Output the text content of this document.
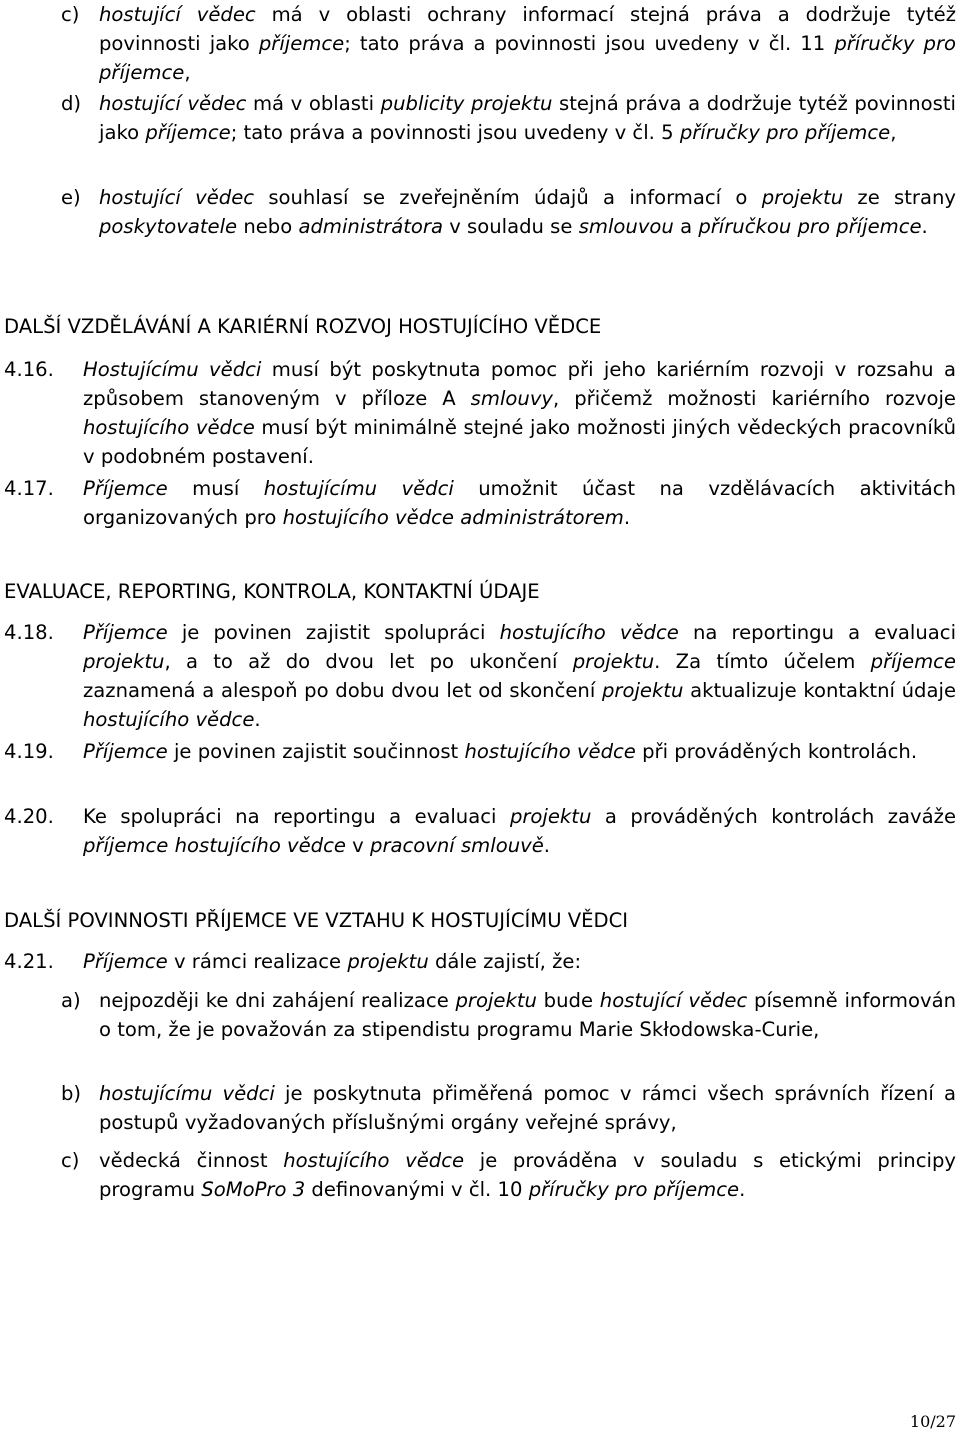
c) hostující vědec má v oblasti ochrany informací stejná práva a dodržuje tytéž povinnosti jako příjemce; tato práva a povinnosti jsou uvedeny v čl. 11 příručky pro příjemce,
d) hostující vědec má v oblasti publicity projektu stejná práva a dodržuje tytéž povinnosti jako příjemce; tato práva a povinnosti jsou uvedeny v čl. 5 příručky pro příjemce,
e) hostující vědec souhlasí se zveřejněním údajů a informací o projektu ze strany poskytovatele nebo administrátora v souladu se smlouvou a příručkou pro příjemce.
DALŠÍ VZDĚLÁVÁNÍ A KARIÉRNÍ ROZVOJ HOSTUJÍCÍHO VĚDCE
4.16. Hostujícímu vědci musí být poskytnuta pomoc při jeho kariérním rozvoji v rozsahu a způsobem stanoveným v příloze A smlouvy, přičemž možnosti kariérního rozvoje hostujícího vědce musí být minimálně stejné jako možnosti jiných vědeckých pracovníků v podobném postavení.
4.17. Příjemce musí hostujícímu vědci umožnit účast na vzdělávacích aktivitách organizovaných pro hostujícího vědce administrátorem.
EVALUACE, REPORTING, KONTROLA, KONTAKTNÍ ÚDAJE
4.18. Příjemce je povinen zajistit spolupráci hostujícího vědce na reportingu a evaluaci projektu, a to až do dvou let po ukončení projektu. Za tímto účelem příjemce zaznamená a alespoň po dobu dvou let od skončení projektu aktualizuje kontaktní údaje hostujícího vědce.
4.19. Příjemce je povinen zajistit součinnost hostujícího vědce při prováděných kontrolách.
4.20. Ke spolupráci na reportingu a evaluaci projektu a prováděných kontrolách zaváže příjemce hostujícího vědce v pracovní smlouvě.
DALŠÍ POVINNOSTI PŘÍJEMCE VE VZTAHU K HOSTUJÍCÍMU VĚDCI
4.21. Příjemce v rámci realizace projektu dále zajistí, že:
a) nejpozději ke dni zahájení realizace projektu bude hostující vědec písemně informován o tom, že je považován za stipendistu programu Marie Skłodowska-Curie,
b) hostujícímu vědci je poskytnuta přiměřená pomoc v rámci všech správních řízení a postupů vyžadovaných příslušnými orgány veřejné správy,
c) vědecká činnost hostujícího vědce je prováděna v souladu s etickými principy programu SoMoPro 3 definovanými v čl. 10 příručky pro příjemce.
10/27
